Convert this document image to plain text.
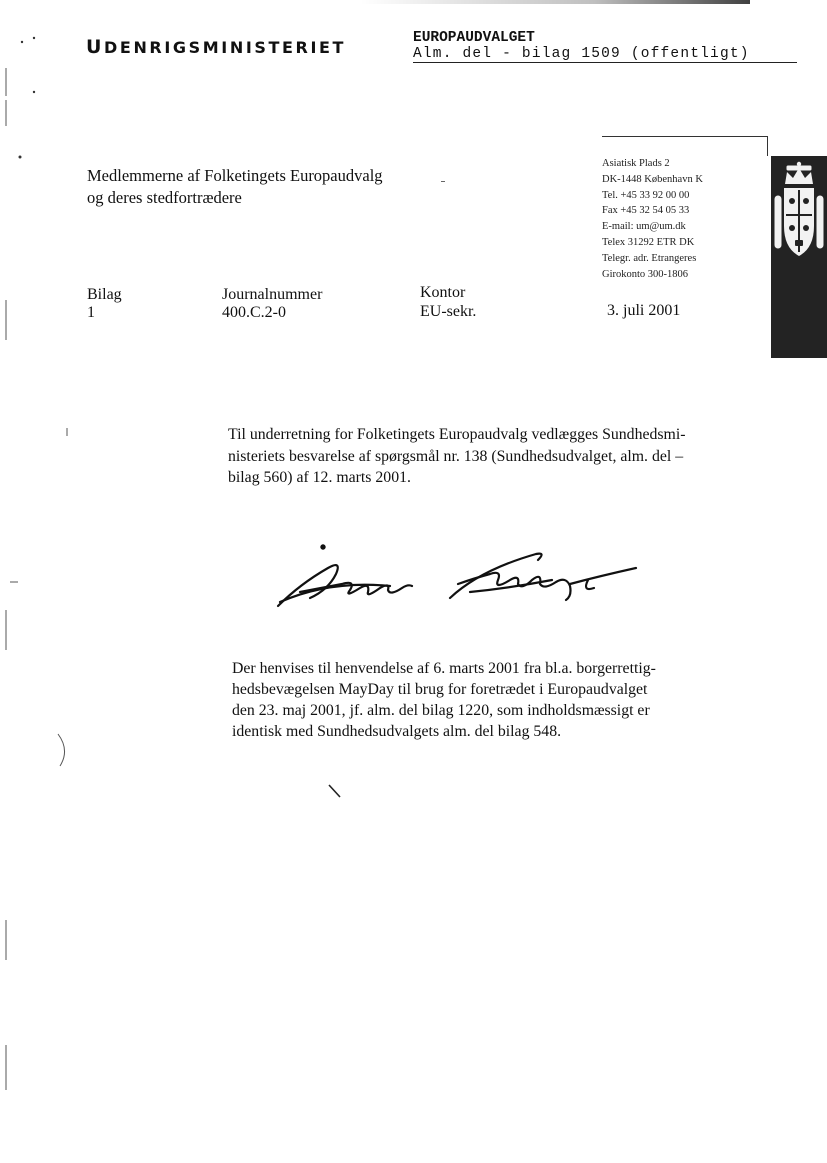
UDENRIGSMINISTERIET	EUROPAUDVALGET
Alm. del - bilag 1509 (offentligt)
Medlemmerne af Folketingets Europaudvalg
og deres stedfortrædere
Asiatisk Plads 2
DK-1448 København K
Tel. +45 33 92 00 00
Fax +45 32 54 05 33
E-mail: um@um.dk
Telex 31292 ETR DK
Telegr. adr. Etrangeres
Girokonto 300-1806
Bilag
1
Journalnummer
400.C.2-0
Kontor
EU-sekr.	3. juli 2001
Til underretning for Folketingets Europaudvalg vedlægges Sundhedsmi-
nisteriets besvarelse af spørgsmål nr. 138 (Sundhedsudvalget, alm. del –
bilag 560) af 12. marts 2001.
Der henvises til henvendelse af 6. marts 2001 fra bl.a. borgerrettig-
hedsbevægelsen MayDay til brug for foretrædet i Europaudvalget
den 23. maj 2001, jf. alm. del bilag 1220, som indholdsmæssigt er
identisk med Sundhedsudvalgets alm. del bilag 548.
